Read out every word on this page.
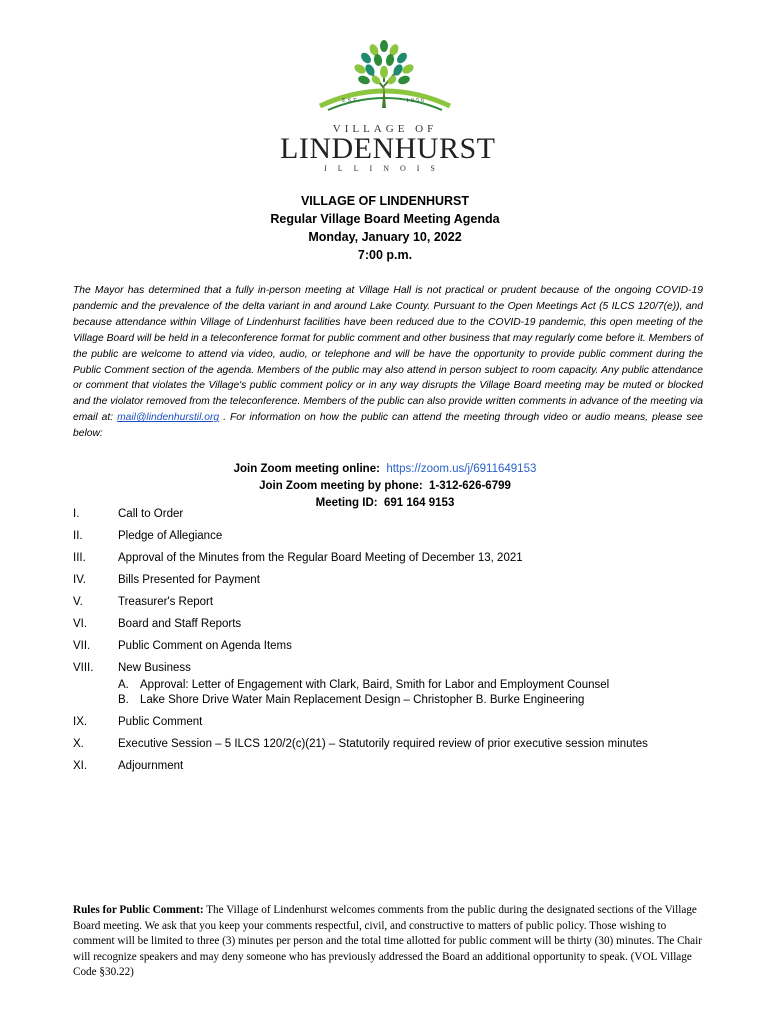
EST.	1956
VILLAGE OF
LINDENHURST
ILLINOIS
VILLAGE OF LINDENHURST
Regular Village Board Meeting Agenda
Monday, January 10, 2022
7:00 p.m.
The Mayor has determined that a fully in-person meeting at Village Hall is not practical or prudent because of the ongoing COVID-19 pandemic and the prevalence of the delta variant in and around Lake County. Pursuant to the Open Meetings Act (5 ILCS 120/7(e)), and because attendance within Village of Lindenhurst facilities have been reduced due to the COVID-19 pandemic, this open meeting of the Village Board will be held in a teleconference format for public comment and other business that may regularly come before it. Members of the public are welcome to attend via video, audio, or telephone and will be have the opportunity to provide public comment during the Public Comment section of the agenda. Members of the public may also attend in person subject to room capacity. Any public attendance or comment that violates the Village's public comment policy or in any way disrupts the Village Board meeting may be muted or blocked and the violator removed from the teleconference. Members of the public can also provide written comments in advance of the meeting via email at: mail@lindenhurstil.org . For information on how the public can attend the meeting through video or audio means, please see below:
Join Zoom meeting online: https://zoom.us/j/6911649153
Join Zoom meeting by phone: 1-312-626-6799
Meeting ID: 691 164 9153
I.	Call to Order
II.	Pledge of Allegiance
III.	Approval of the Minutes from the Regular Board Meeting of December 13, 2021
IV.	Bills Presented for Payment
V.	Treasurer's Report
VI.	Board and Staff Reports
VII.	Public Comment on Agenda Items
VIII.	New Business
A. Approval: Letter of Engagement with Clark, Baird, Smith for Labor and Employment Counsel
B. Lake Shore Drive Water Main Replacement Design – Christopher B. Burke Engineering
IX.	Public Comment
X.	Executive Session – 5 ILCS 120/2(c)(21) – Statutorily required review of prior executive session minutes
XI.	Adjournment
Rules for Public Comment: The Village of Lindenhurst welcomes comments from the public during the designated sections of the Village Board meeting. We ask that you keep your comments respectful, civil, and constructive to matters of public policy. Those wishing to comment will be limited to three (3) minutes per person and the total time allotted for public comment will be thirty (30) minutes. The Chair will recognize speakers and may deny someone who has previously addressed the Board an additional opportunity to speak. (VOL Village Code §30.22)
